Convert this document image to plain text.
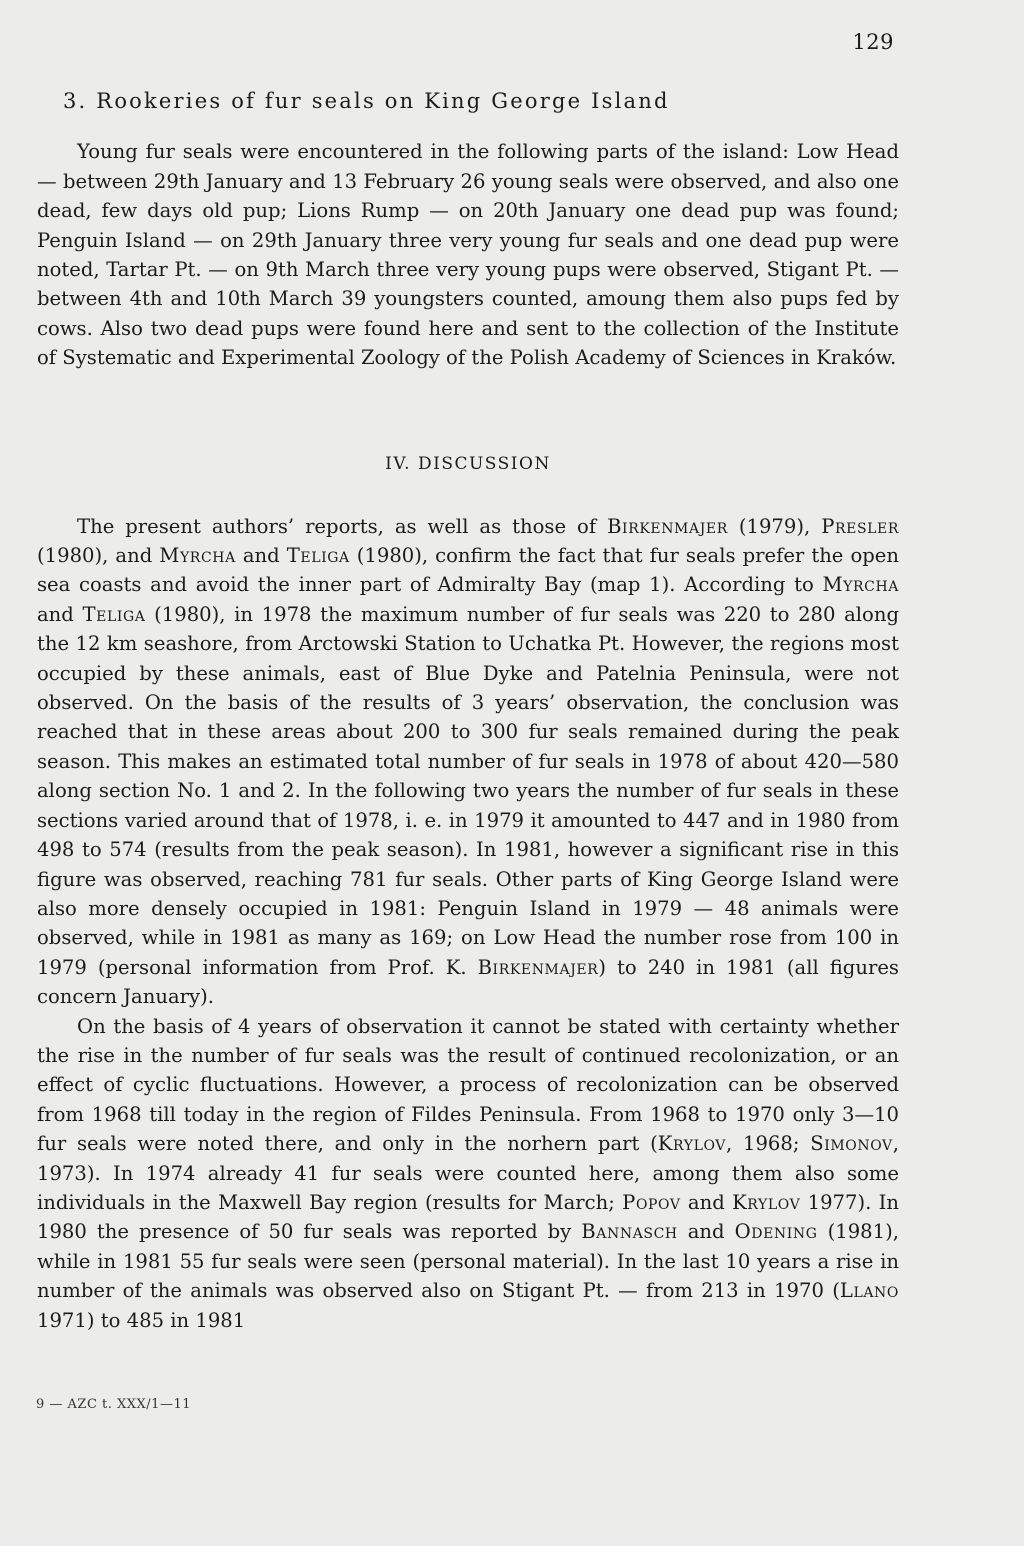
129
3. Rookeries of fur seals on King George Island

Young fur seals were encountered in the following parts of the island: Low Head — between 29th January and 13 February 26 young seals were observed, and also one dead, few days old pup; Lions Rump — on 20th January one dead pup was found; Penguin Island — on 29th January three very young fur seals and one dead pup were noted, Tartar Pt. — on 9th March three very young pups were observed, Stigant Pt. — between 4th and 10th March 39 youngsters counted, amoung them also pups fed by cows. Also two dead pups were found here and sent to the collection of the Institute of Systematic and Experimental Zoology of the Polish Academy of Sciences in Kraków.

IV. DISCUSSION

The present authors’ reports, as well as those of Birkenmajer (1979), Presler (1980), and Myrcha and Teliga (1980), confirm the fact that fur seals prefer the open sea coasts and avoid the inner part of Admiralty Bay (map 1). According to Myrcha and Teliga (1980), in 1978 the maximum number of fur seals was 220 to 280 along the 12 km seashore, from Arctowski Station to Uchatka Pt. However, the regions most occupied by these animals, east of Blue Dyke and Patelnia Peninsula, were not observed. On the basis of the results of 3 years’ observation, the conclusion was reached that in these areas about 200 to 300 fur seals remained during the peak season. This makes an estimated total number of fur seals in 1978 of about 420—580 along section No. 1 and 2. In the following two years the number of fur seals in these sections varied around that of 1978, i. e. in 1979 it amounted to 447 and in 1980 from 498 to 574 (results from the peak season). In 1981, however a significant rise in this figure was observed, reaching 781 fur seals. Other parts of King George Island were also more densely occupied in 1981: Penguin Island in 1979 — 48 animals were observed, while in 1981 as many as 169; on Low Head the number rose from 100 in 1979 (personal information from Prof. K. Birkenmajer) to 240 in 1981 (all figures concern January).

On the basis of 4 years of observation it cannot be stated with certainty whether the rise in the number of fur seals was the result of continued recolonization, or an effect of cyclic fluctuations. However, a process of recolonization can be observed from 1968 till today in the region of Fildes Peninsula. From 1968 to 1970 only 3—10 fur seals were noted there, and only in the norhern part (Krylov, 1968; Simonov, 1973). In 1974 already 41 fur seals were counted here, among them also some individuals in the Maxwell Bay region (results for March; Popov and Krylov 1977). In 1980 the presence of 50 fur seals was reported by Bannasch and Odening (1981), while in 1981 55 fur seals were seen (personal material). In the last 10 years a rise in number of the animals was observed also on Stigant Pt. — from 213 in 1970 (Llano 1971) to 485 in 1981

9 — AZC t. XXX/1—11
